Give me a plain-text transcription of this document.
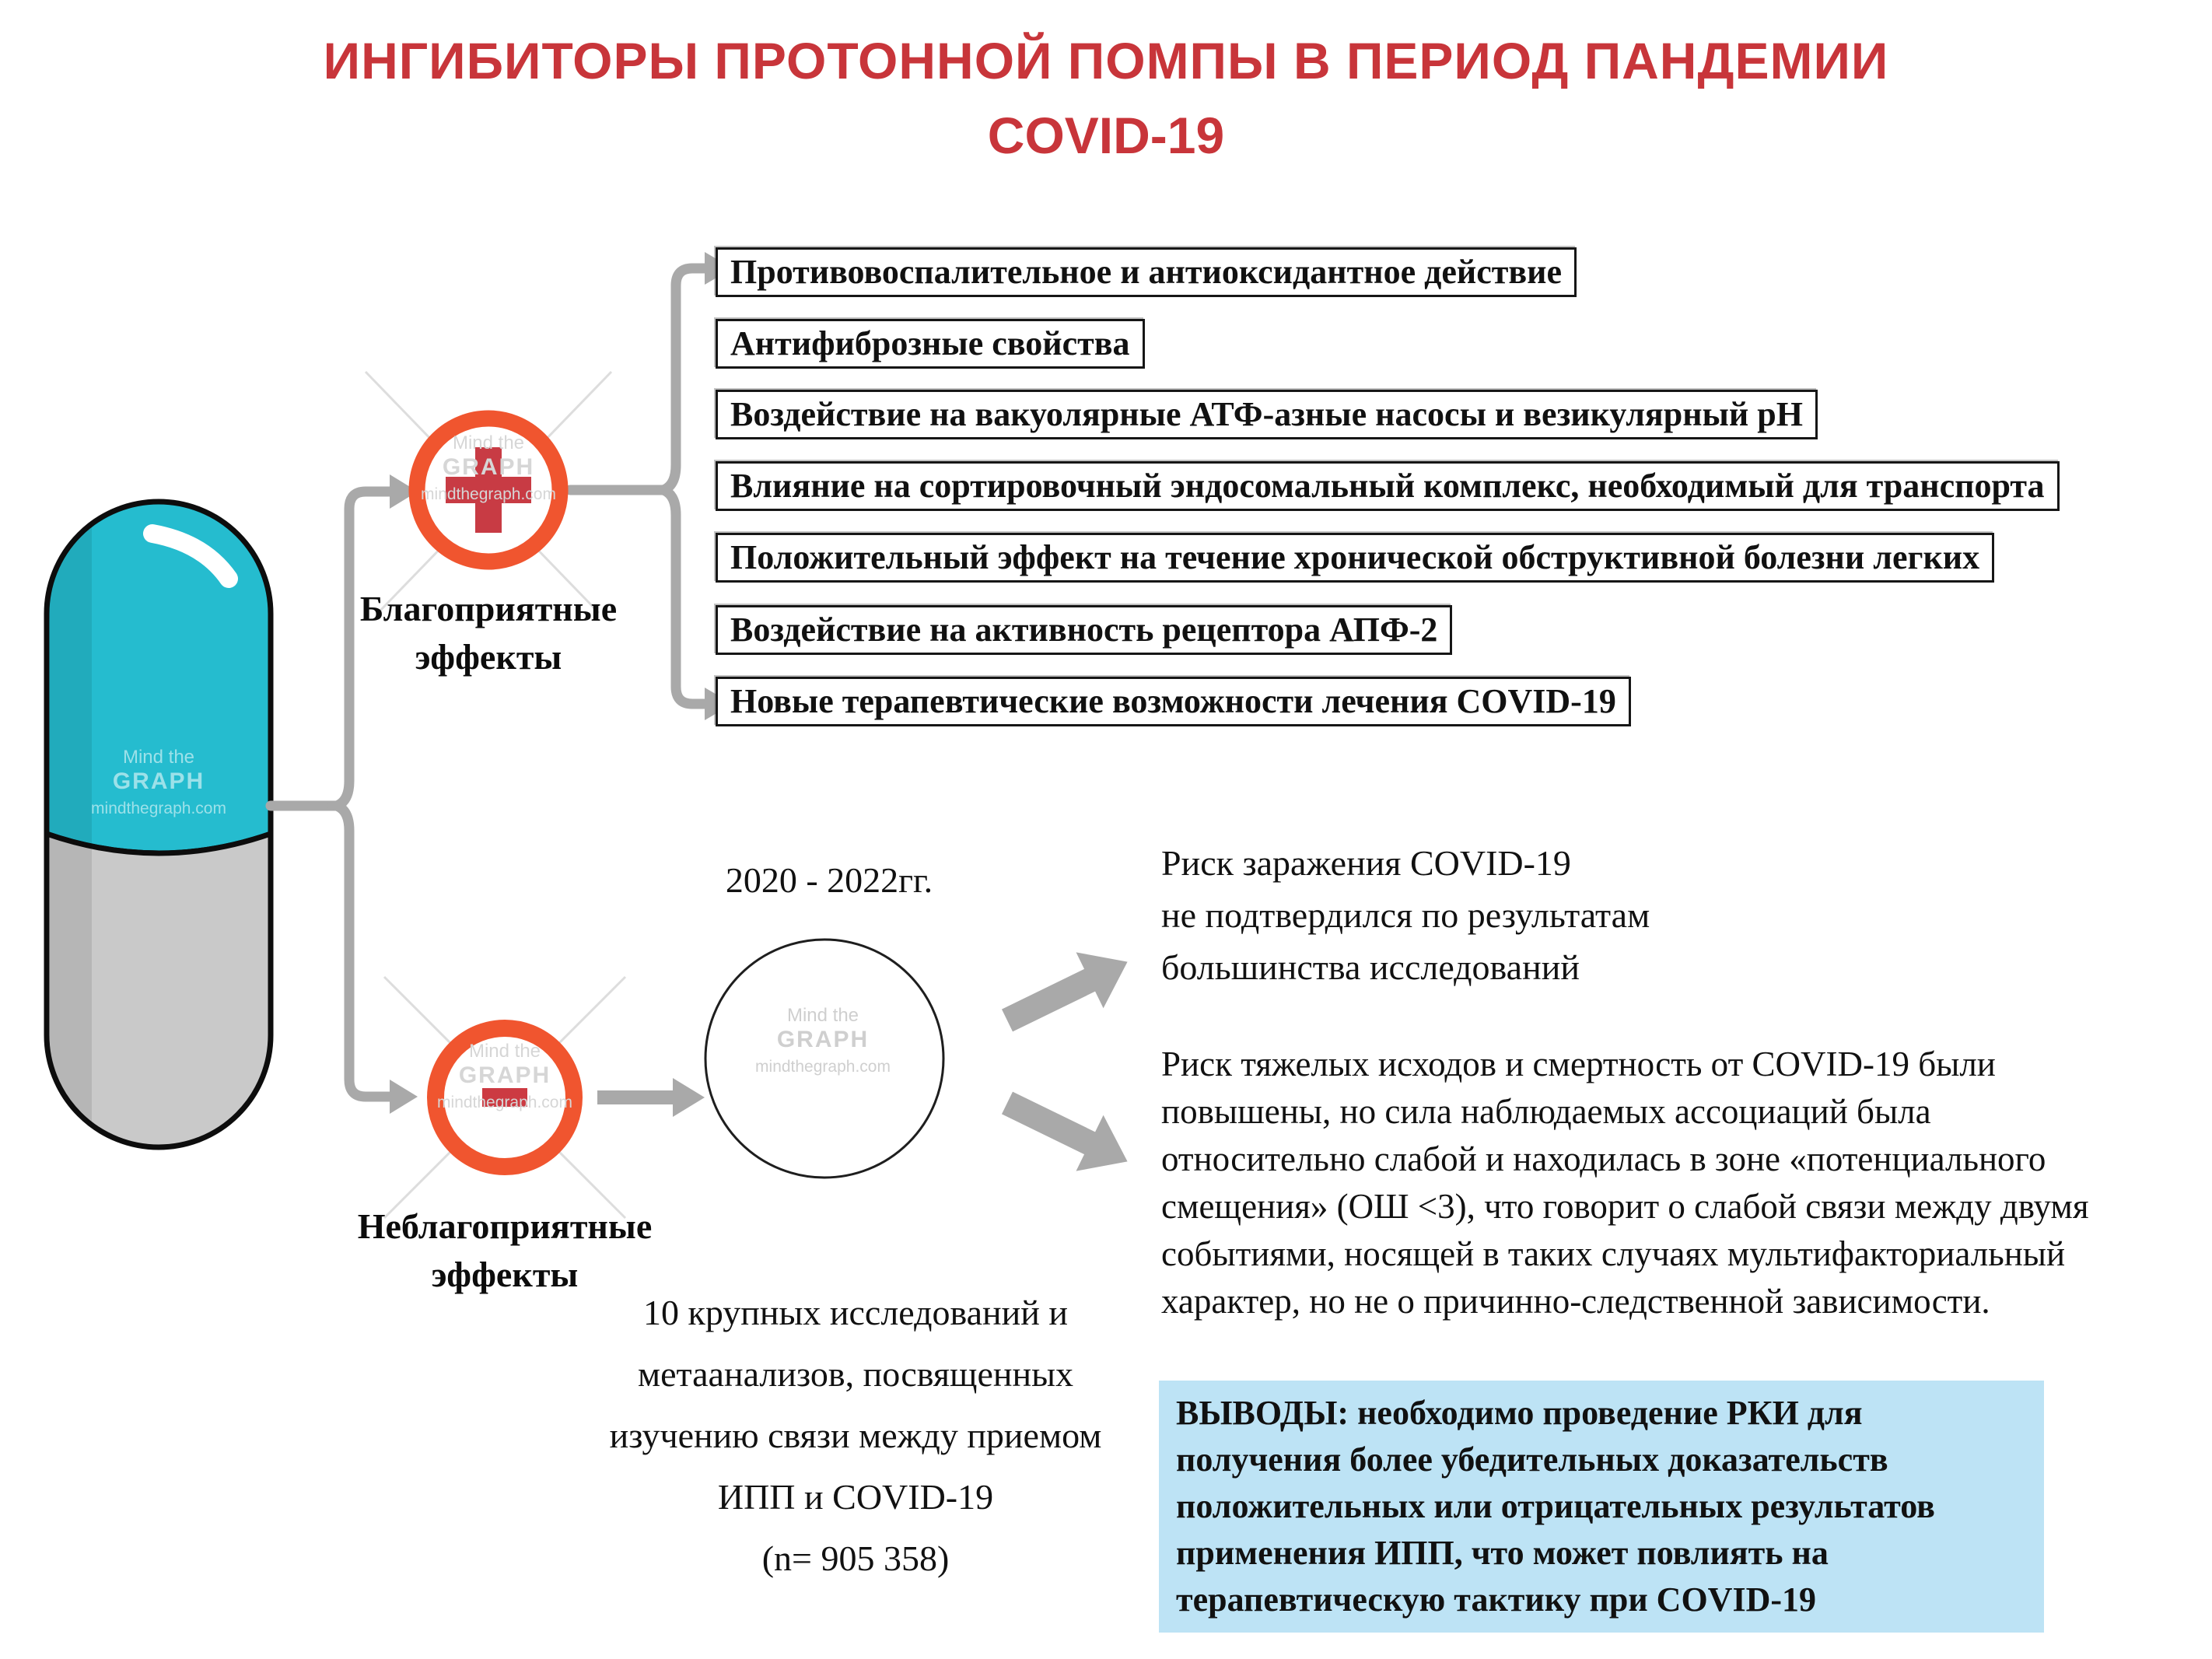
ИНГИБИТОРЫ ПРОТОННОЙ ПОМПЫ В ПЕРИОД ПАНДЕМИИ
COVID-19
Mind the
GRAPH
mindthegraph.com
Mind the
GRAPH
mindthegraph.com
Mind the
GRAPH
mindthegraph.com
Mind the
GRAPH
mindthegraph.com
Противовоспалительное и антиоксидантное действие
Антифиброзные свойства
Воздействие на вакуолярные АТФ-азные насосы и везикулярный рН
Влияние на сортировочный эндосомальный комплекс, необходимый для транспорта
Положительный эффект на течение хронической обструктивной болезни легких
Воздействие на активность рецептора АПФ-2
Новые терапевтические возможности лечения COVID-19
Благоприятные
эффекты
Неблагоприятные
эффекты
2020 - 2022гг.
10 крупных исследований и
метаанализов, посвященных
изучению связи между приемом
ИПП и COVID-19
(n= 905 358)
Риск заражения COVID-19
не подтвердился по результатам
большинства исследований
Риск тяжелых исходов и смертность от COVID-19 были
повышены, но сила наблюдаемых ассоциаций была
относительно слабой и находилась в зоне «потенциального
смещения» (ОШ <3), что говорит о слабой связи между двумя
событиями, носящей в таких случаях мультифакториальный
характер, но не о причинно-следственной зависимости.
ВЫВОДЫ: необходимо проведение РКИ для
получения более убедительных доказательств
положительных или отрицательных результатов
применения ИПП, что может повлиять на
терапевтическую тактику при COVID-19
